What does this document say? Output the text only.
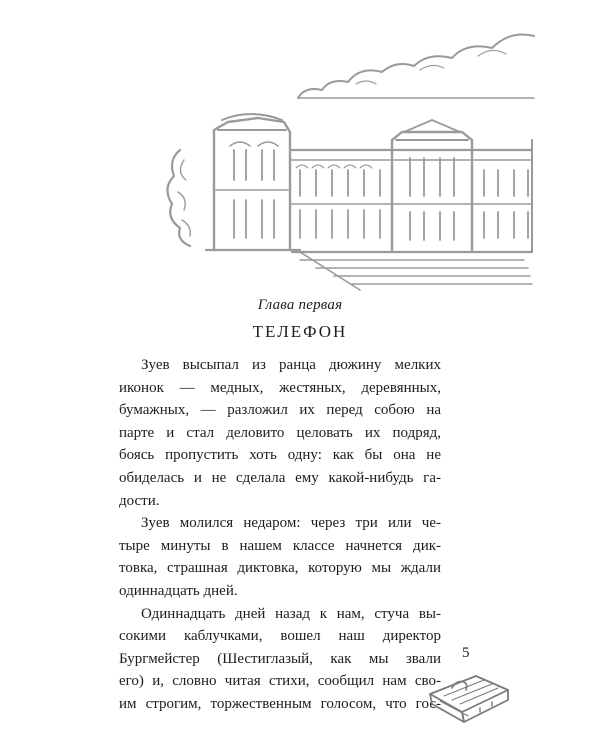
Глава первая
ТЕЛЕФОН
Зуев высыпал из ранца дюжину мелких
иконок — медных, жестяных, деревянных,
бумажных, — разложил их перед собою на
парте и стал деловито целовать их подряд,
боясь пропустить хоть одну: как бы она не
обиделась и не сделала ему какой-нибудь га-
дости.
Зуев молился недаром: через три или че-
тыре минуты в нашем классе начнется дик-
товка, страшная диктовка, которую мы ждали
одиннадцать дней.
Одиннадцать дней назад к нам, стуча вы-
сокими каблучками, вошел наш директор
Бургмейстер (Шестиглазый, как мы звали
его) и, словно читая стихи, сообщил нам сво-
им строгим, торжественным голосом, что гос-
5
